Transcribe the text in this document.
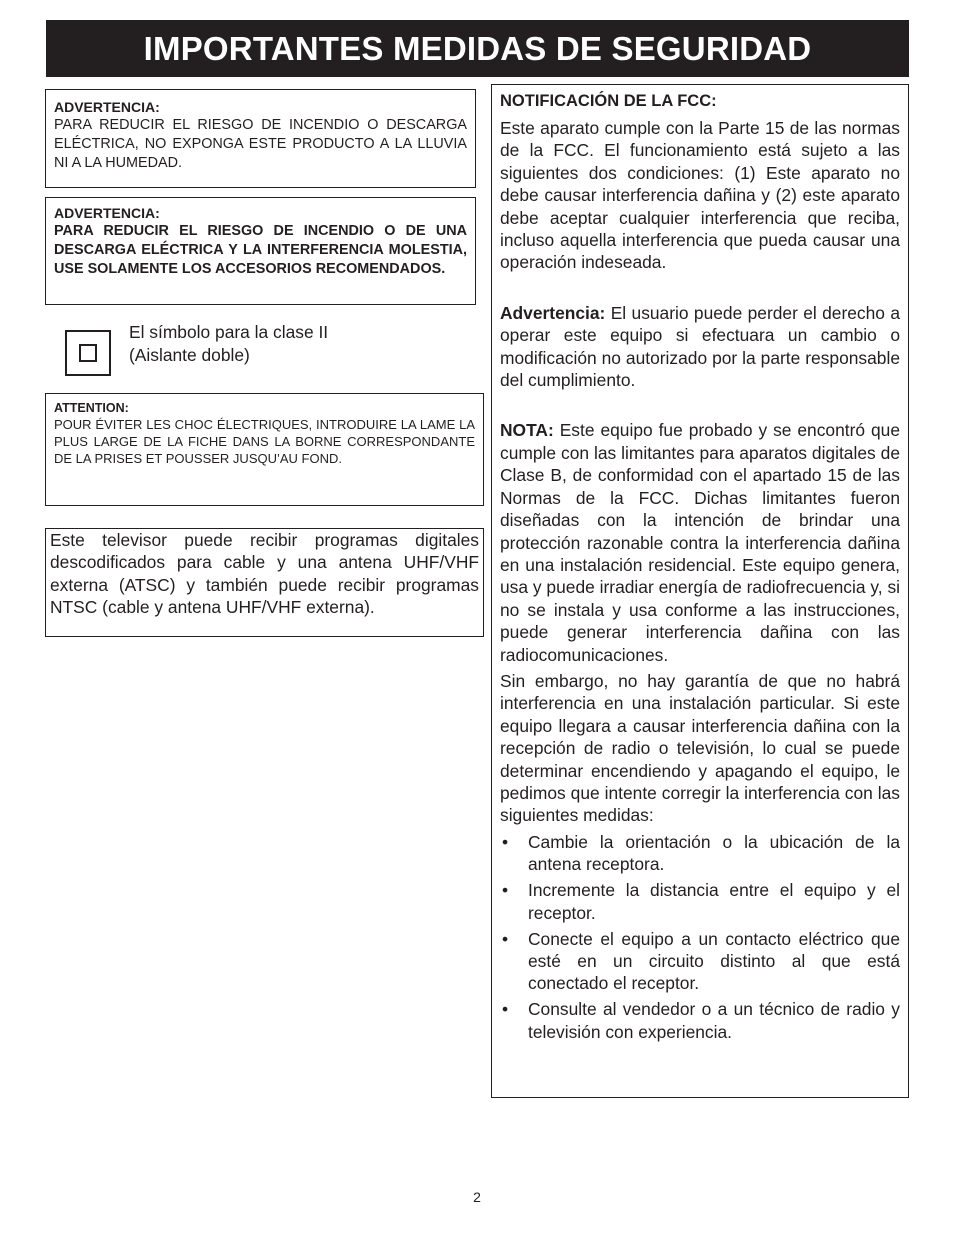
IMPORTANTES MEDIDAS DE SEGURIDAD
ADVERTENCIA:
PARA REDUCIR EL RIESGO DE INCENDIO O DESCARGA ELÉCTRICA, NO EXPONGA ESTE PRODUCTO A LA LLUVIA NI A LA HUMEDAD.
ADVERTENCIA:
PARA REDUCIR EL RIESGO DE INCENDIO O DE UNA DESCARGA ELÉCTRICA Y LA INTERFERENCIA MOLESTIA, USE SOLAMENTE LOS ACCESORIOS RECOMENDADOS.
El símbolo para la clase II
(Aislante doble)
ATTENTION:
POUR ÉVITER LES CHOC ÉLECTRIQUES, INTRODUIRE LA LAME LA PLUS LARGE DE LA FICHE DANS LA BORNE CORRESPONDANTE DE LA PRISES ET POUSSER JUSQU’AU FOND.
Este televisor puede recibir programas digitales descodificados para cable y una antena UHF/VHF externa (ATSC) y también puede recibir programas NTSC (cable y antena UHF/VHF externa).
NOTIFICACIÓN DE LA FCC:
Este aparato cumple con la Parte 15 de las normas de la FCC. El funcionamiento está sujeto a las siguientes dos condiciones: (1) Este aparato no debe causar interferencia dañina y (2) este aparato debe aceptar cualquier interferencia que reciba, incluso aquella interferencia que pueda causar una operación indeseada.
Advertencia: El usuario puede perder el derecho a operar este equipo si efectuara un cambio o modificación no autorizado por la parte responsable del cumplimiento.
NOTA: Este equipo fue probado y se encontró que cumple con las limitantes para aparatos digitales de Clase B, de conformidad con el apartado 15 de las Normas de la FCC. Dichas limitantes fueron diseñadas con la intención de brindar una protección razonable contra la interferencia dañina en una instalación residencial. Este equipo genera, usa y puede irradiar energía de radiofrecuencia y, si no se instala y usa conforme a las instrucciones, puede generar interferencia dañina con las radiocomunicaciones.
Sin embargo, no hay garantía de que no habrá interferencia en una instalación particular. Si este equipo llegara a causar interferencia dañina con la recepción de radio o televisión, lo cual se puede determinar encendiendo y apagando el equipo, le pedimos que intente corregir la interferencia con las siguientes medidas:
• Cambie la orientación o la ubicación de la antena receptora.
• Incremente la distancia entre el equipo y el receptor.
• Conecte el equipo a un contacto eléctrico que esté en un circuito distinto al que está conectado el receptor.
• Consulte al vendedor o a un técnico de radio y televisión con experiencia.
2
